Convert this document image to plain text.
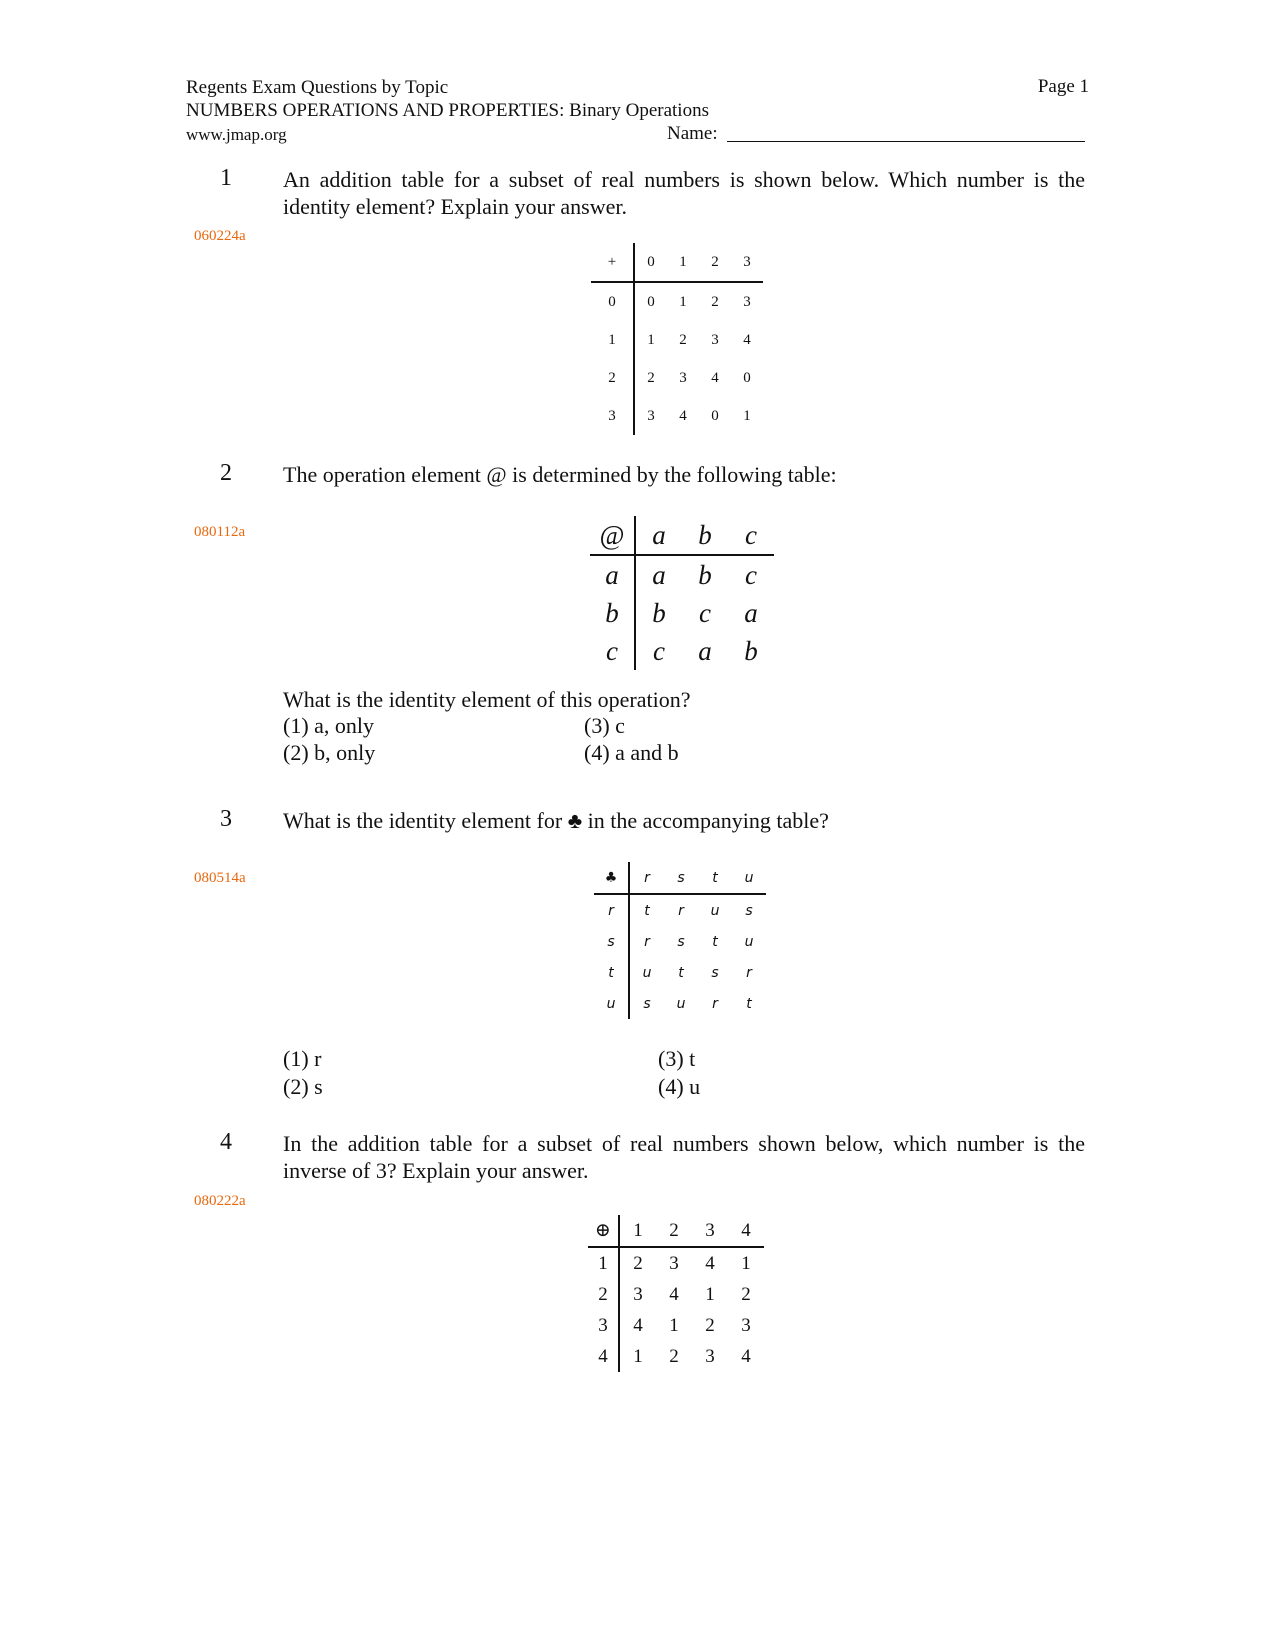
Regents Exam Questions by Topic	Page 1
NUMBERS OPERATIONS AND PROPERTIES: Binary Operations
www.jmap.org	Name:
1 An addition table for a subset of real numbers is shown below. Which number is the identity element? Explain your answer.
060224a
+	0	1	2	3
0	0	1	2	3
1	1	2	3	4
2	2	3	4	0
3	3	4	0	1
2 The operation element @ is determined by the following table:
080112a	@	a	b	c
a	a	b	c
b	b	c	a
c	c	a	b
What is the identity element of this operation?
(1) a, only
(2) b, only
(3) c
(4) a and b
3 What is the identity element for ♣ in the accompanying table?
080514a	♣	r	s	t	u
r	t	r	u	s
s	r	s	t	u
t	u	t	s	r
u	s	u	r	t
(1) r
(2) s
(3) t
(4) u
4 In the addition table for a subset of real numbers shown below, which number is the inverse of 3? Explain your answer.
080222a
⊕	1	2	3	4
1	2	3	4	1
2	3	4	1	2
3	4	1	2	3
4	1	2	3	4
